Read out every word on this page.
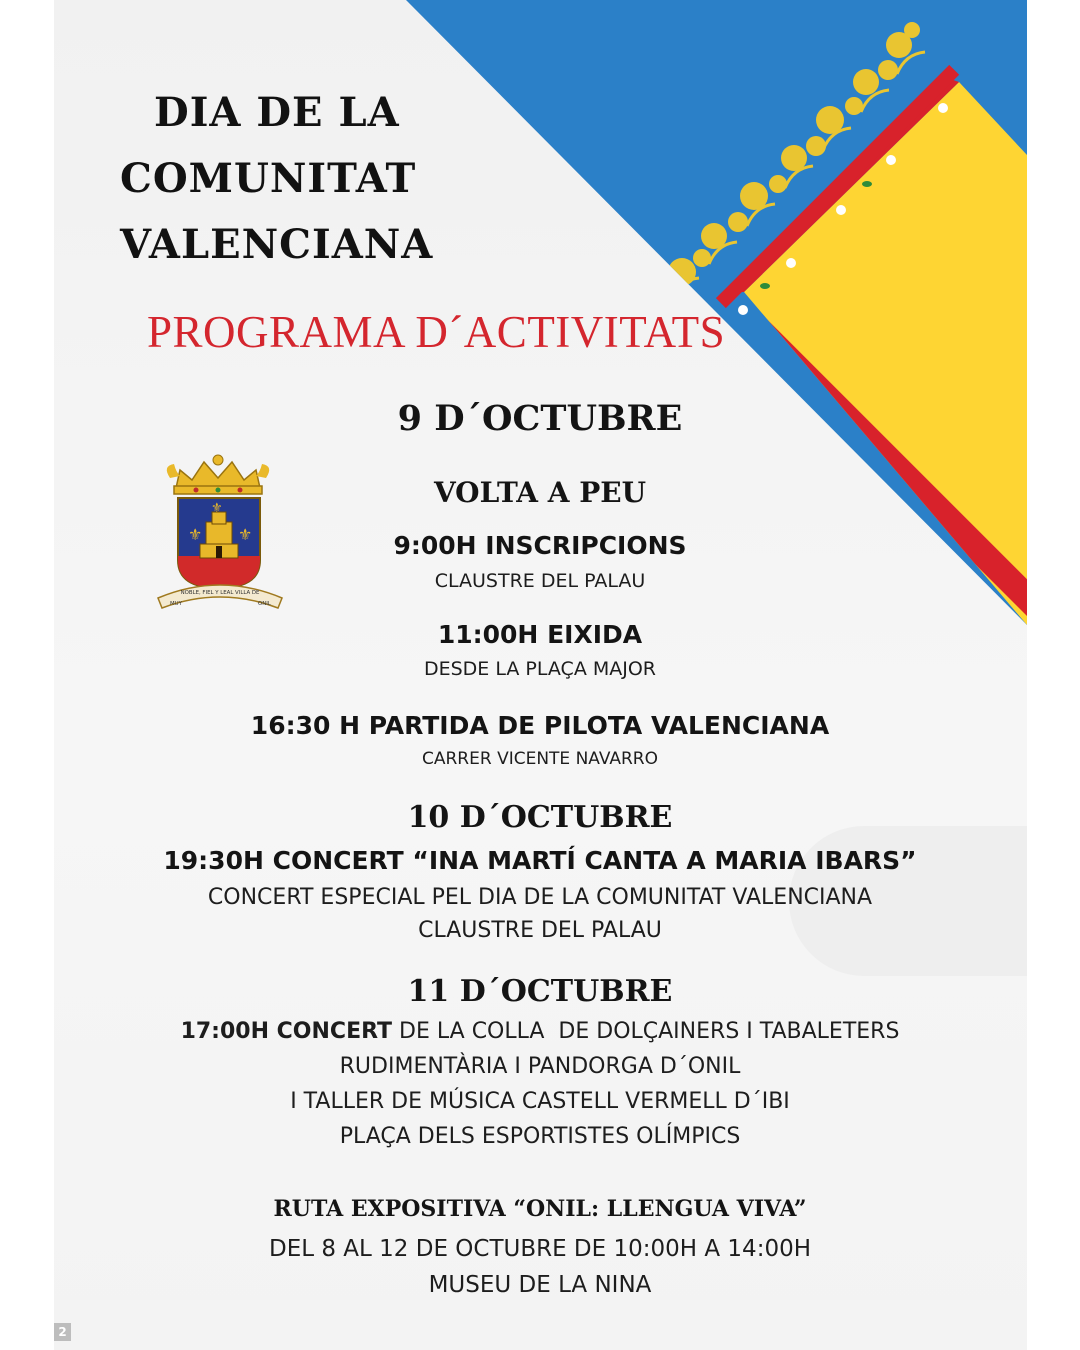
DIA DE LA
COMUNITAT
VALENCIANA
PROGRAMA D´ACTIVITATS
⚜ ⚜
⚜
NOBLE, FIEL Y LEAL VILLA DE
MUY	ONIL
9 D´OCTUBRE
VOLTA A PEU
9:00H INSCRIPCIONS
CLAUSTRE DEL PALAU
11:00H EIXIDA
DESDE LA PLAÇA MAJOR
16:30 H PARTIDA DE PILOTA VALENCIANA
CARRER VICENTE NAVARRO
10 D´OCTUBRE
19:30H CONCERT “INA MARTÍ CANTA A MARIA IBARS”
CONCERT ESPECIAL PEL DIA DE LA COMUNITAT VALENCIANA
CLAUSTRE DEL PALAU
11 D´OCTUBRE
17:00H CONCERT DE LA COLLA  DE DOLÇAINERS I TABALETERS
RUDIMENTÀRIA I PANDORGA D´ONIL
I TALLER DE MÚSICA CASTELL VERMELL D´IBI
PLAÇA DELS ESPORTISTES OLÍMPICS
RUTA EXPOSITIVA “ONIL: LLENGUA VIVA”
DEL 8 AL 12 DE OCTUBRE DE 10:00H A 14:00H
MUSEU DE LA NINA
2
